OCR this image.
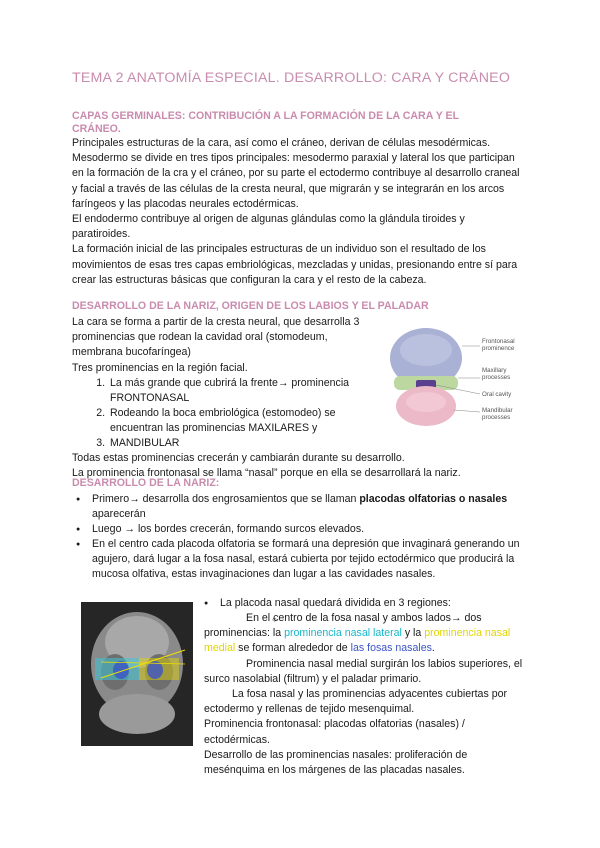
TEMA 2 ANATOMÍA ESPECIAL. DESARROLLO: CARA Y CRÁNEO
CAPAS GERMINALES: CONTRIBUCIÓN A LA FORMACIÓN DE LA CARA Y EL
CRÁNEO.

Principales estructuras de la cara, así como el cráneo, derivan de células mesodérmicas.

Mesodermo se divide en tres tipos principales: mesodermo paraxial y lateral los que participan en la formación de la cra y el cráneo, por su parte el ectodermo contribuye al desarrollo craneal y facial a través de las células de la cresta neural, que migrarán y se integrarán en los arcos faríngeos y las placodas neurales ectodérmicas.

El endodermo contribuye al origen de algunas glándulas como la glándula tiroides y paratiroides.

La formación inicial de las principales estructuras de un individuo son el resultado de los movimientos de esas tres capas embriológicas, mezcladas y unidas, presionando entre sí para crear las estructuras básicas que configuran la cara y el resto de la cabeza.

DESARROLLO DE LA NARIZ, ORIGEN DE LOS LABIOS Y EL PALADAR

La cara se forma a partir de la cresta neural, que desarrolla 3 prominencias que rodean la cavidad oral (stomodeum, membrana bucofaríngea)

Tres prominencias en la región facial.

1. La más grande que cubrirá la frente→ prominencia FRONTONASAL
2. Rodeando la boca embriológica (estomodeo) se encuentran las prominencias MAXILARES y
3. MANDIBULAR

Todas estas prominencias crecerán y cambiarán durante su desarrollo.

La prominencia frontonasal se llama “nasal” porque en ella se desarrollará la nariz.

Frontonasal
prominence
Maxillary
processes
Oral cavity
Mandibular
processes
DESARROLLO DE LA NARIZ:
● Primero→ desarrolla dos engrosamientos que se llaman placodas olfatorias o nasales aparecerán
● Luego → los bordes crecerán, formando surcos elevados.
● En el centro cada placoda olfatoria se formará una depresión que invaginará generando un agujero, dará lugar a la fosa nasal, estará cubierta por tejido ectodérmico que producirá la mucosa olfativa, estas invaginaciones dan lugar a las cavidades nasales.
● La placoda nasal quedará dividida en 3 regiones:

○ En el centro de la fosa nasal y ambos lados→ dos prominencias: la prominencia nasal lateral y la prominencia nasal medial se forman alrededor de las fosas nasales.

Prominencia nasal medial surgirán los labios superiores, el surco nasolabial (filtrum) y el paladar primario.

La fosa nasal y las prominencias adyacentes cubiertas por ectodermo y rellenas de tejido mesenquimal.

Prominencia frontonasal: placodas olfatorias (nasales) / ectodérmicas.

Desarrollo de las prominencias nasales: proliferación de mesénquima en los márgenes de las placadas nasales.
